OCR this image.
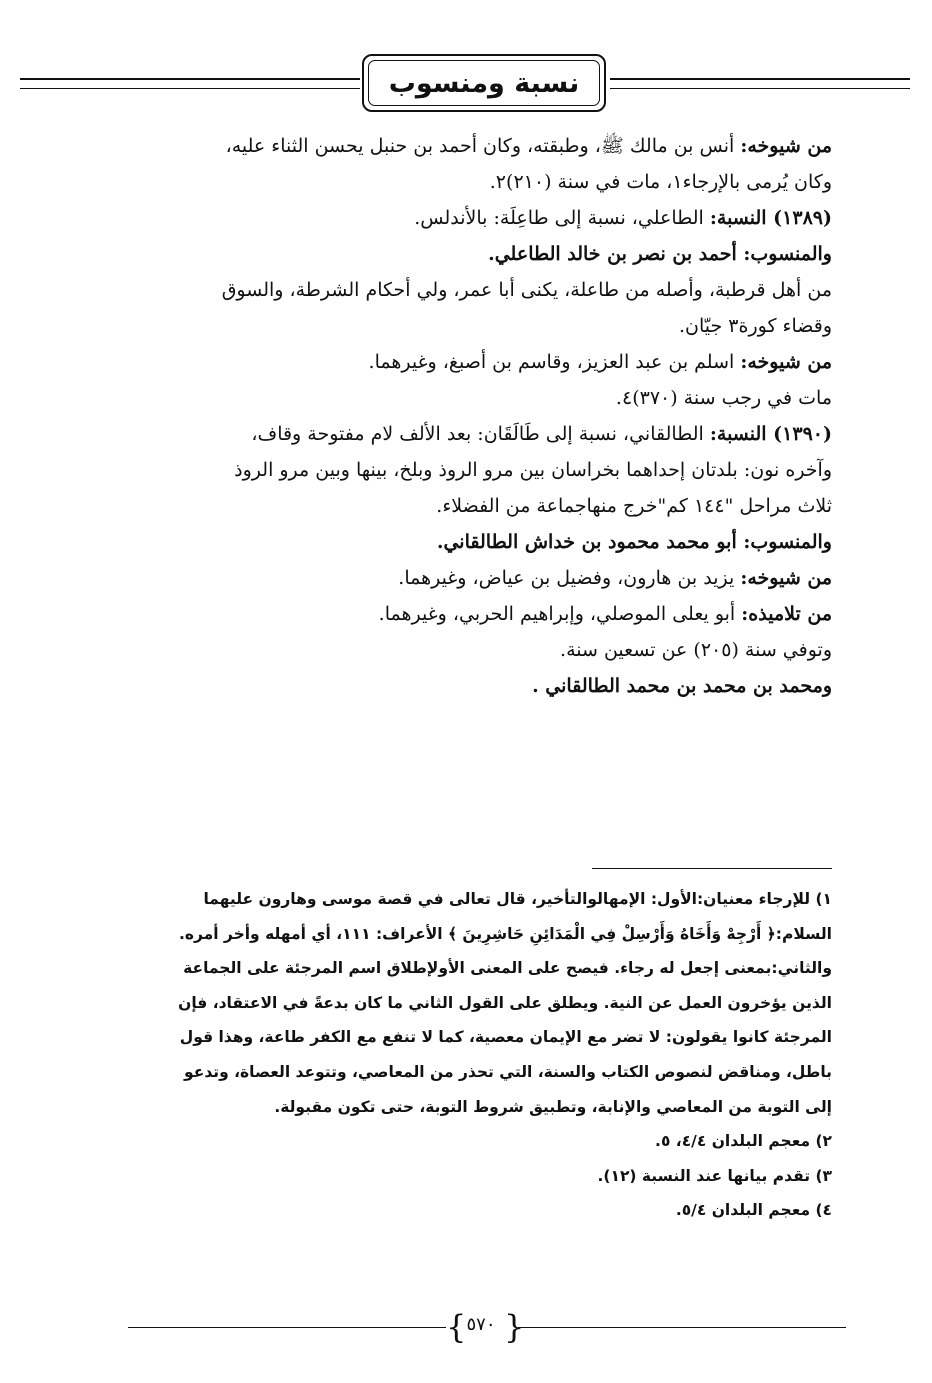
نسبة ومنسوب

من شيوخه: أنس بن مالك ﷺ، وطبقته، وكان أحمد بن حنبل يحسن الثناء عليه،

وكان يُرمى بالإرجاء١، مات في سنة (٢١٠)٢.

(١٣٨٩) النسبة: الطاعلي، نسبة إلى طاعِلَة: بالأندلس.

والمنسوب: أحمد بن نصر بن خالد الطاعلي.

من أهل قرطبة، وأصله من طاعلة، يكنى أبا عمر، ولي أحكام الشرطة، والسوق

وقضاء كورة٣ جيّان.

من شيوخه: اسلم بن عبد العزيز، وقاسم بن أصبغ، وغيرهما.

مات في رجب سنة (٣٧٠)٤.

(١٣٩٠) النسبة: الطالقاني، نسبة إلى طَالَقَان: بعد الألف لام مفتوحة وقاف،

وآخره نون: بلدتان إحداهما بخراسان بين مرو الروذ وبلخ، بينها وبين مرو الروذ

ثلاث مراحل "١٤٤ كم"خرج منهاجماعة من الفضلاء.

والمنسوب: أبو محمد محمود بن خداش الطالقاني.

من شيوخه: يزيد بن هارون، وفضيل بن عياض، وغيرهما.

من تلاميذه: أبو يعلى الموصلي، وإبراهيم الحربي، وغيرهما.

وتوفي سنة (٢٠٥) عن تسعين سنة.

ومحمد بن محمد بن محمد الطالقاني .

١) للإرجاء معنيان:الأول: الإمهالوالتأخير، قال تعالى في قصة موسى وهارون عليهما

السلام:﴿ أَرْجِهْ وَأَخَاهُ وَأَرْسِلْ فِي الْمَدَائِنِ حَاشِرِينَ ﴾ الأعراف: ١١١، أي أمهله وأخر أمره.

والثاني:بمعنى إجعل له رجاء. فيصح على المعنى الأولإطلاق اسم المرجئة على الجماعة

الذين يؤخرون العمل عن النية. ويطلق على القول الثاني ما كان بدعةً في الاعتقاد، فإن

المرجئة كانوا يقولون: لا تضر مع الإيمان معصية، كما لا تنفع مع الكفر طاعة، وهذا قول

باطل، ومناقض لنصوص الكتاب والسنة، التي تحذر من المعاصي، وتتوعد العصاة، وتدعو

إلى التوبة من المعاصي والإنابة، وتطبيق شروط التوبة، حتى تكون مقبولة.

٢) معجم البلدان ٤/٤، ٥.

٣) تقدم بيانها عند النسبة (١٢).

٤) معجم البلدان ٥/٤.

{ ٥٧٠ }
